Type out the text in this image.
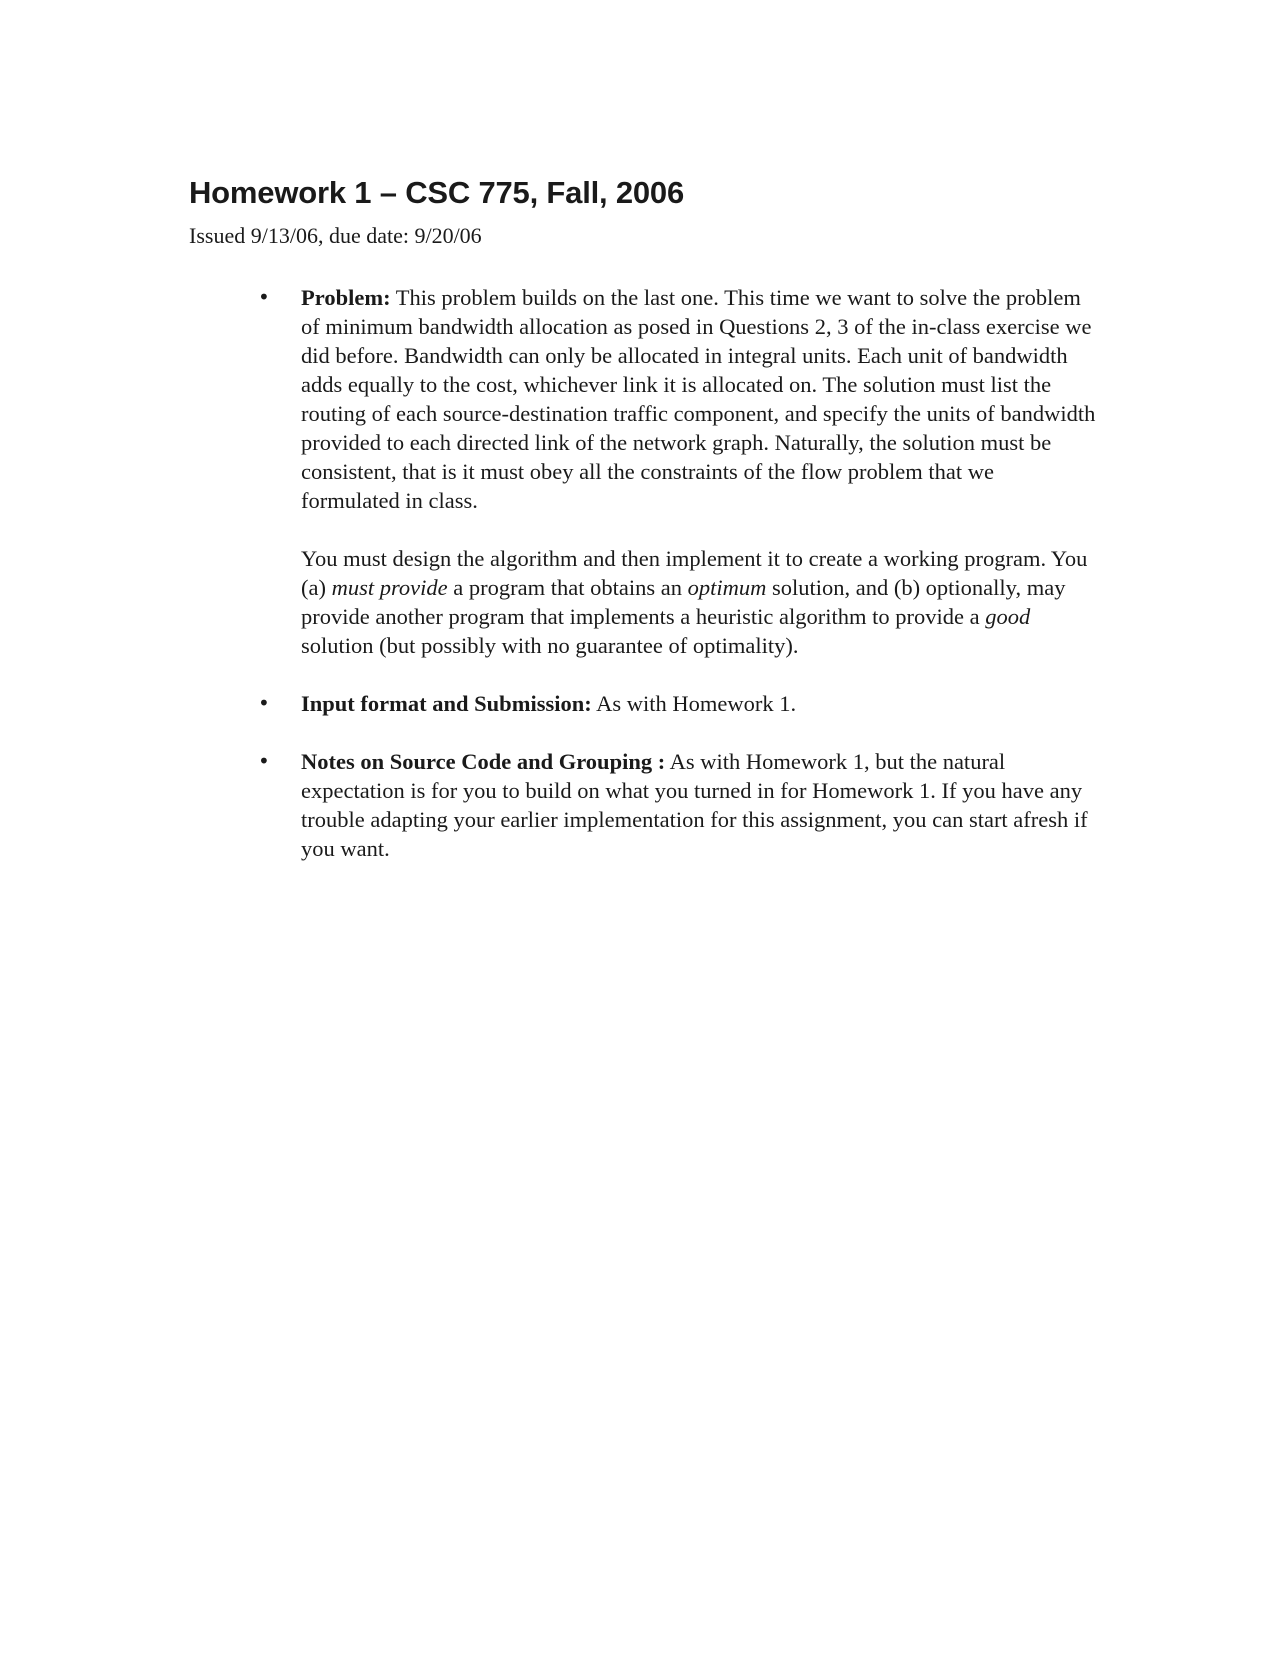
Homework 1 – CSC 775, Fall, 2006

Issued 9/13/06, due date: 9/20/06

•	Problem: This problem builds on the last one. This time we want to solve the problem of minimum bandwidth allocation as posed in Questions 2, 3 of the in-class exercise we did before. Bandwidth can only be allocated in integral units. Each unit of bandwidth adds equally to the cost, whichever link it is allocated on. The solution must list the routing of each source-destination traffic component, and specify the units of bandwidth provided to each directed link of the network graph. Naturally, the solution must be consistent, that is it must obey all the constraints of the flow problem that we formulated in class.

You must design the algorithm and then implement it to create a working program. You (a) must provide a program that obtains an optimum solution, and (b) optionally, may provide another program that implements a heuristic algorithm to provide a good solution (but possibly with no guarantee of optimality).

•	Input format and Submission: As with Homework 1.

•	Notes on Source Code and Grouping : As with Homework 1, but the natural expectation is for you to build on what you turned in for Homework 1. If you have any trouble adapting your earlier implementation for this assignment, you can start afresh if you want.
